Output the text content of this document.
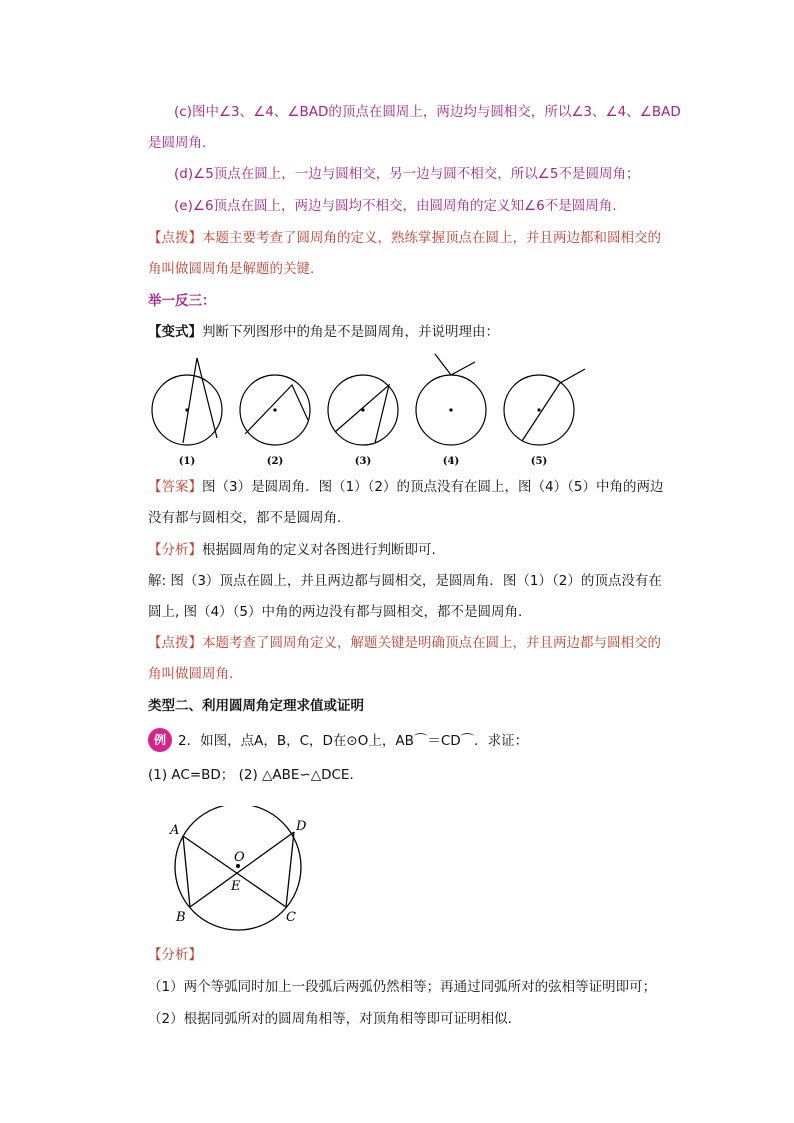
(c)图中∠3、∠4、∠BAD的顶点在圆周上，两边均与圆相交，所以∠3、∠4、∠BAD
是圆周角.
(d)∠5顶点在圆上，一边与圆相交，另一边与圆不相交，所以∠5不是圆周角；
(e)∠6顶点在圆上，两边与圆均不相交，由圆周角的定义知∠6不是圆周角.
【点拨】本题主要考查了圆周角的定义，熟练掌握顶点在圆上，并且两边都和圆相交的
角叫做圆周角是解题的关键.
举一反三：
【变式】判断下列图形中的角是不是圆周角，并说明理由：
(1)	(2)	(3)	(4)	(5)
【答案】图（3）是圆周角．图（1）（2）的顶点没有在圆上，图（4）（5）中角的两边
没有都与圆相交，都不是圆周角.
【分析】根据圆周角的定义对各图进行判断即可.
解: 图（3）顶点在圆上，并且两边都与圆相交，是圆周角．图（1）（2）的顶点没有在
圆上, 图（4）（5）中角的两边没有都与圆相交，都不是圆周角.
【点拨】本题考查了圆周角定义，解题关键是明确顶点在圆上，并且两边都与圆相交的
角叫做圆周角.
类型二、利用圆周角定理求值或证明
例 2．如图，点A，B，C，D在⊙O上，AB⌒＝CD⌒．求证：
(1) AC=BD； (2) △ABE∽△DCE.
A
B	C
D
O
E
【分析】
（1）两个等弧同时加上一段弧后两弧仍然相等；再通过同弧所对的弦相等证明即可；
（2）根据同弧所对的圆周角相等，对顶角相等即可证明相似.
